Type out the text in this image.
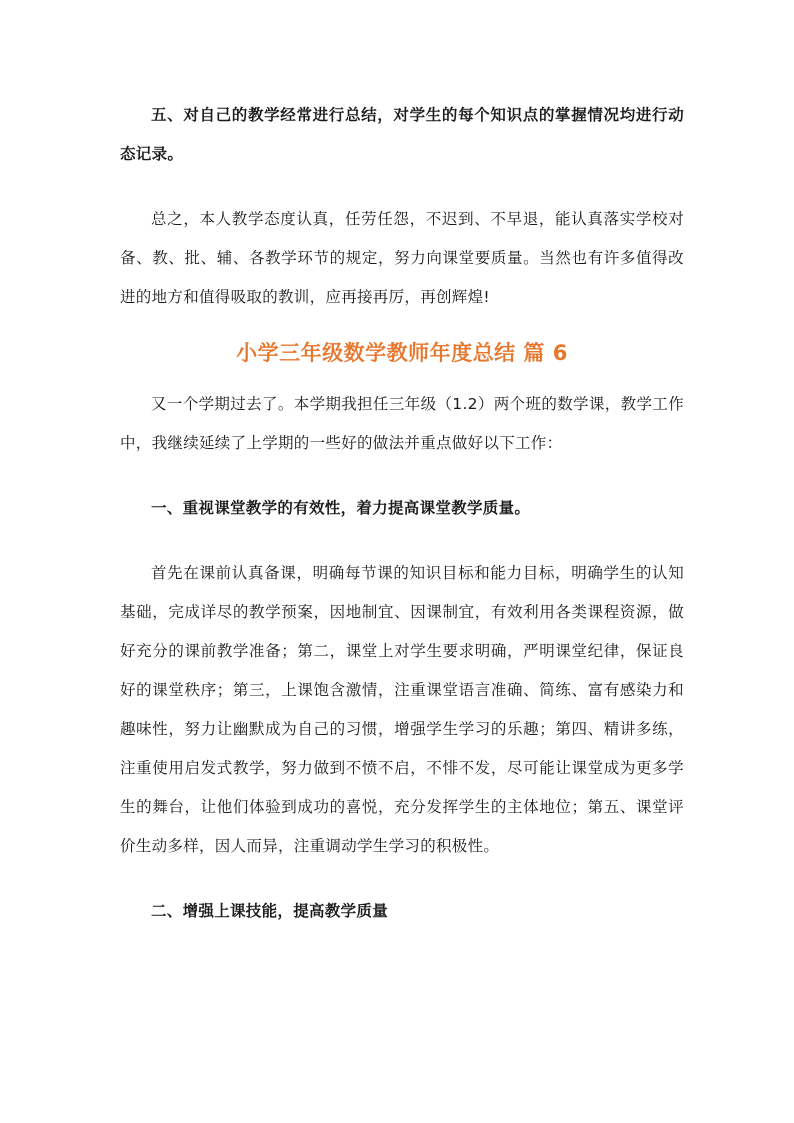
五、对自己的教学经常进行总结，对学生的每个知识点的掌握情况均进行动态记录。

总之，本人教学态度认真，任劳任怨，不迟到、不早退，能认真落实学校对备、教、批、辅、各教学环节的规定，努力向课堂要质量。当然也有许多值得改进的地方和值得吸取的教训，应再接再厉，再创辉煌!

小学三年级数学教师年度总结 篇 6

又一个学期过去了。本学期我担任三年级（1.2）两个班的数学课，教学工作中，我继续延续了上学期的一些好的做法并重点做好以下工作：

一、重视课堂教学的有效性，着力提高课堂教学质量。

首先在课前认真备课，明确每节课的知识目标和能力目标，明确学生的认知基础，完成详尽的教学预案，因地制宜、因课制宜，有效利用各类课程资源，做好充分的课前教学准备；第二，课堂上对学生要求明确，严明课堂纪律，保证良好的课堂秩序；第三，上课饱含激情，注重课堂语言准确、简练、富有感染力和趣味性，努力让幽默成为自己的习惯，增强学生学习的乐趣；第四、精讲多练，注重使用启发式教学，努力做到不愤不启，不悱不发，尽可能让课堂成为更多学生的舞台，让他们体验到成功的喜悦，充分发挥学生的主体地位；第五、课堂评价生动多样，因人而异，注重调动学生学习的积极性。

二、增强上课技能，提高教学质量
